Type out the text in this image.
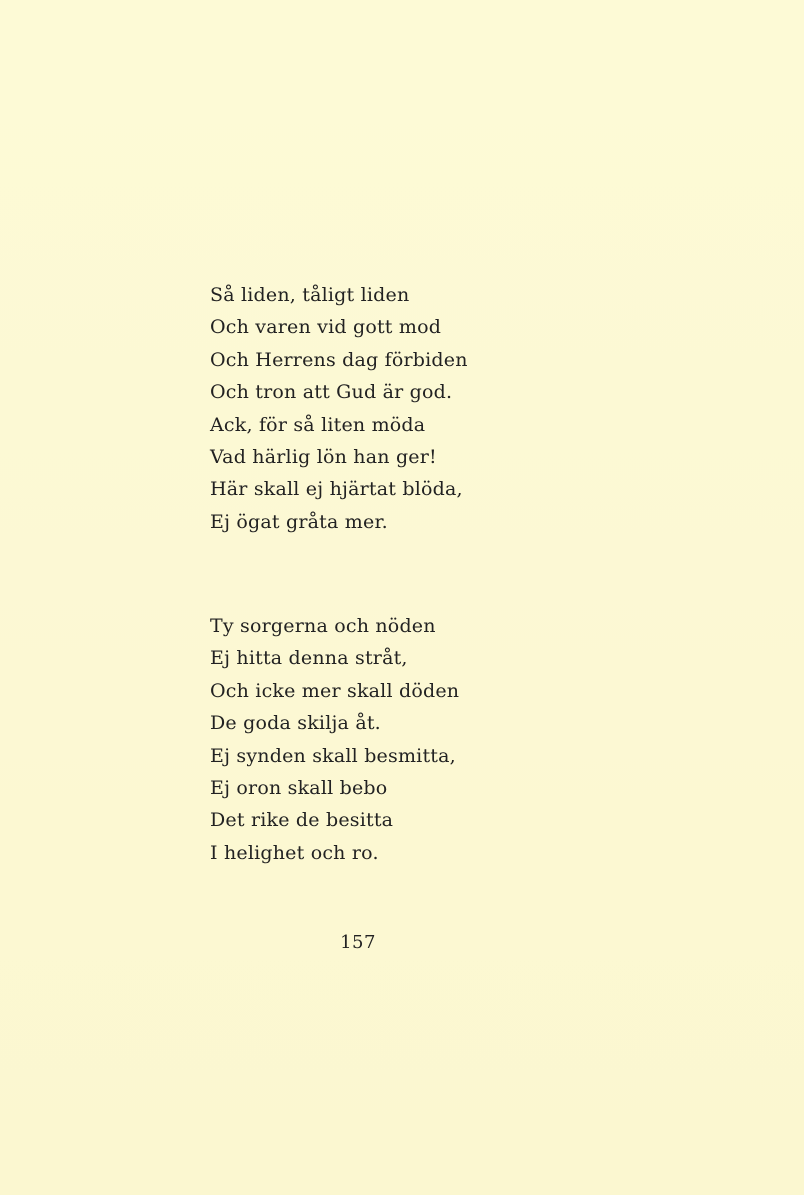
Så liden, tåligt liden
Och varen vid gott mod
Och Herrens dag förbiden
Och tron att Gud är god.
Ack, för så liten möda
Vad härlig lön han ger!
Här skall ej hjärtat blöda,
Ej ögat gråta mer.
Ty sorgerna och nöden
Ej hitta denna stråt,
Och icke mer skall döden
De goda skilja åt.
Ej synden skall besmitta,
Ej oron skall bebo
Det rike de besitta
I helighet och ro.
157
